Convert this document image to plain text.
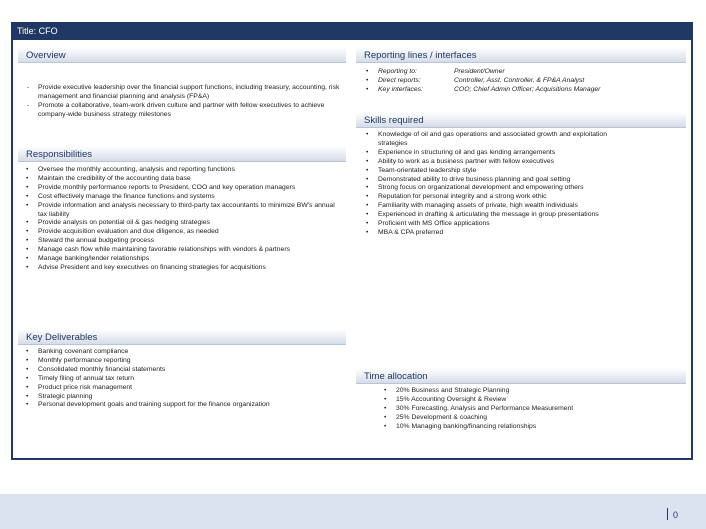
Title: CFO
Overview
- Provide executive leadership over the financial support functions, including treasury, accounting, risk management and financial planning and analysis (FP&A)
- Promote a collaborative, team-work driven culture and partner with fellow executives to achieve company-wide business strategy milestones
Responsibilities
• Oversee the monthly accounting, analysis and reporting functions
• Maintain the credibility of the accounting data base
• Provide monthly performance reports to President, COO and key operation managers
• Cost effectively manage the finance functions and systems
• Provide information and analysis necessary to third-party tax accountants to minimize BW's annual tax liability
• Provide analysis on potential oil & gas hedging strategies
• Provide acquisition evaluation and due diligence, as needed
• Steward the annual budgeting process
• Manage cash flow while maintaining favorable relationships with vendors & partners
• Manage banking/lender relationships
• Advise President and key executives on financing strategies for acquisitions
Reporting lines / interfaces
• Reporting to:	President/Owner
• Direct reports:	Controller, Asst. Controller, & FP&A Analyst
• Key interfaces:	COO; Chief Admin Officer; Acquisitions Manager
Skills required
• Knowledge of oil and gas operations and associated growth and exploitation strategies
• Experience in structuring oil and gas lending arrangements
• Ability to work as a business partner with fellow executives
• Team-orientated leadership style
• Demonstrated ability to drive business planning and goal setting
• Strong focus on organizational development and empowering others
• Reputation for personal integrity and a strong work ethic
• Familiarity with managing assets of private, high wealth individuals
• Experienced in drafting & articulating the message in group presentations
• Proficient with MS Office applications
• MBA & CPA preferred
Key Deliverables
• Banking covenant compliance
• Monthly performance reporting
• Consolidated monthly financial statements
• Timely filing of annual tax return
• Product price risk management
• Strategic planning
• Personal development goals and training support for the finance organization
Time allocation
• 20% Business and Strategic Planning
• 15% Accounting Oversight & Review
• 30% Forecasting, Analysis and Performance Measurement
• 25% Development & coaching
• 10% Managing banking/financing relationships
0
